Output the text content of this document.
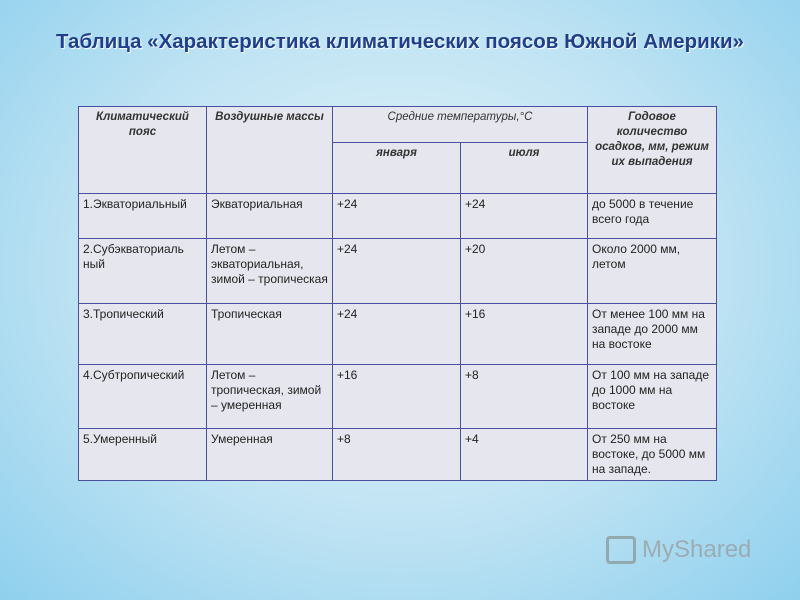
Таблица «Характеристика климатических поясов Южной Америки»
Климатический пояс	Воздушные массы	Средние температуры,°С		Годовое количество осадков, мм, режим их выпадения
		января	июля	
1.Экваториальный	Экваториальная	+24	+24	до 5000 в течение всего года
2.Субэкваториаль ный	Летом – экваториальная, зимой – тропическая	+24	+20	Около 2000 мм, летом
3.Тропический	Тропическая	+24	+16	От менее 100 мм на западе до 2000 мм на востоке
4.Субтропический	Летом – тропическая, зимой – умеренная	+16	+8	От 100 мм на западе до 1000 мм на востоке
5.Умеренный	Умеренная	+8	+4	От 250 мм на востоке, до 5000 мм на западе.
MyShared
